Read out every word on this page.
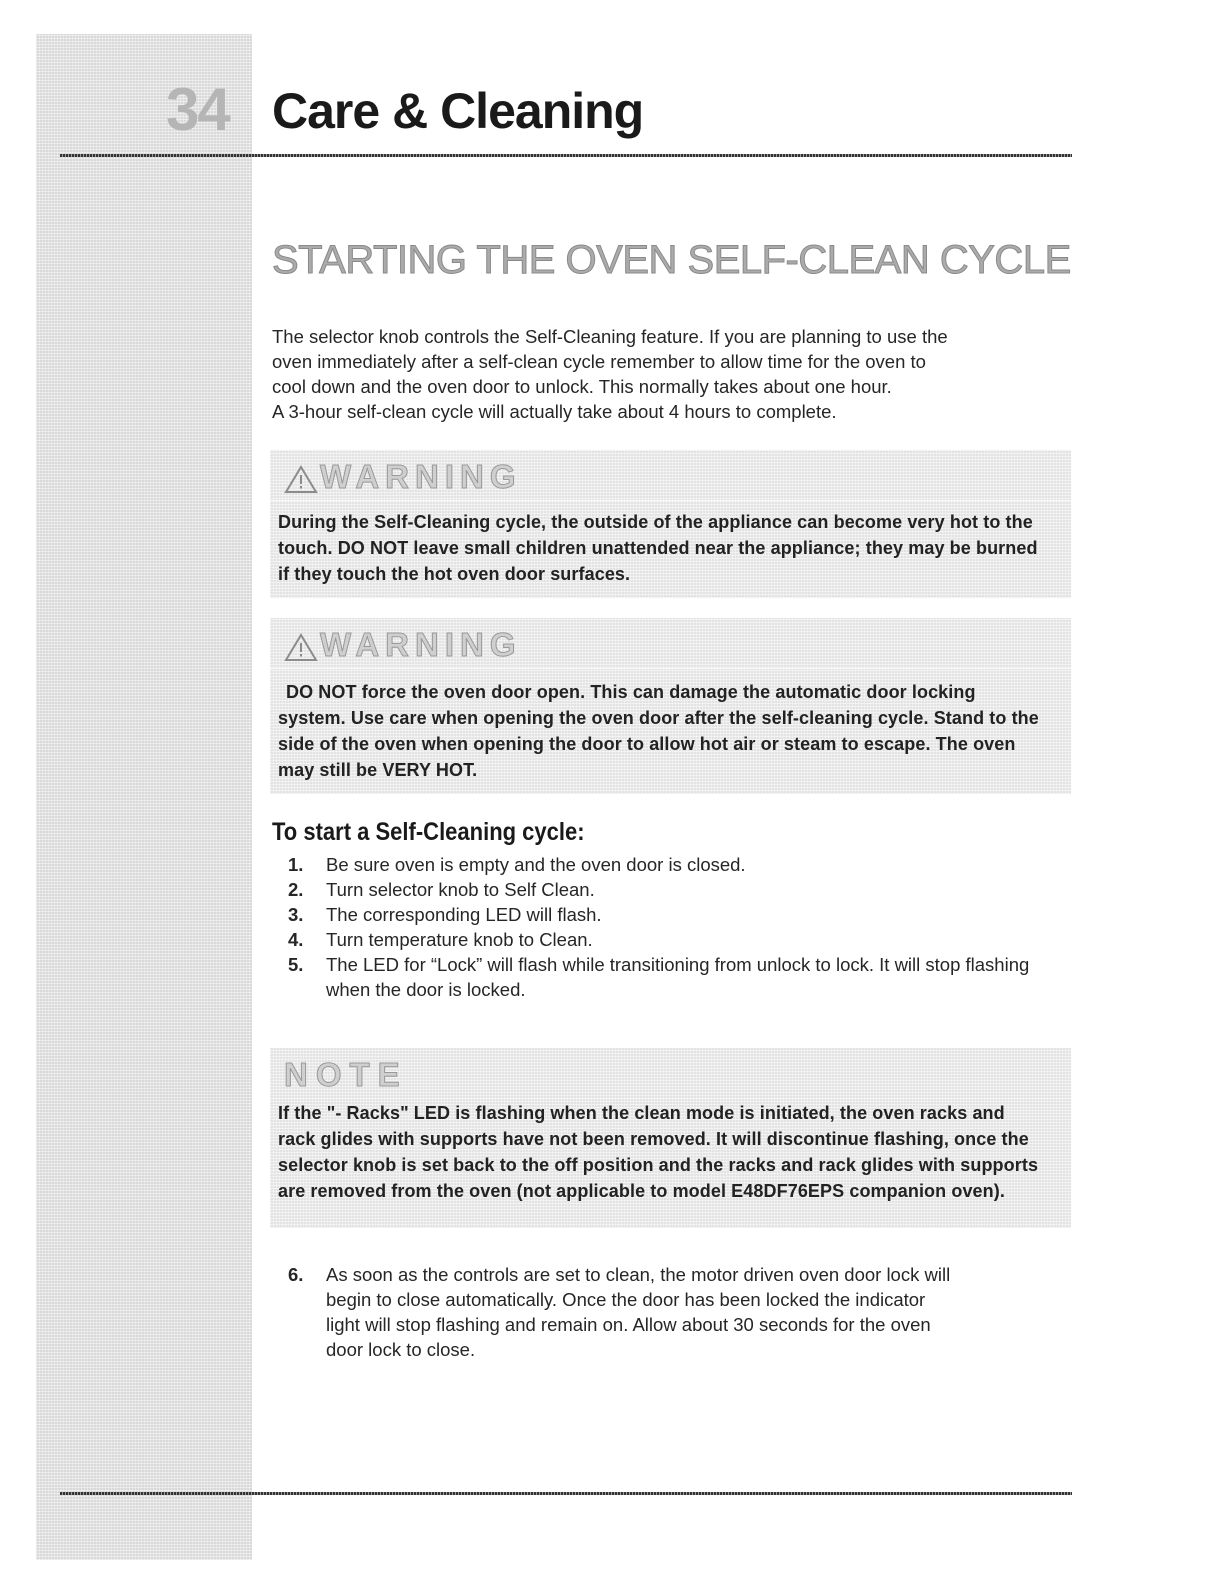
34 Care & Cleaning
STARTING THE OVEN SELF-CLEAN CYCLE
The selector knob controls the Self-Cleaning feature. If you are planning to use the
oven immediately after a self-clean cycle remember to allow time for the oven to
cool down and the oven door to unlock. This normally takes about one hour.
A 3-hour self-clean cycle will actually take about 4 hours to complete.
WARNING
During the Self-Cleaning cycle, the outside of the appliance can become very hot to the
touch. DO NOT leave small children unattended near the appliance; they may be burned
if they touch the hot oven door surfaces.
WARNING
DO NOT force the oven door open. This can damage the automatic door locking
system. Use care when opening the oven door after the self-cleaning cycle. Stand to the
side of the oven when opening the door to allow hot air or steam to escape. The oven
may still be VERY HOT.
To start a Self-Cleaning cycle:
1. Be sure oven is empty and the oven door is closed.
2. Turn selector knob to Self Clean.
3. The corresponding LED will flash.
4. Turn temperature knob to Clean.
5. The LED for “Lock” will flash while transitioning from unlock to lock. It will stop flashing when the door is locked.
NOTE
If the "- Racks" LED is flashing when the clean mode is initiated, the oven racks and
rack glides with supports have not been removed. It will discontinue flashing, once the
selector knob is set back to the off position and the racks and rack glides with supports
are removed from the oven (not applicable to model E48DF76EPS companion oven).
6. As soon as the controls are set to clean, the motor driven oven door lock will
begin to close automatically. Once the door has been locked the indicator
light will stop flashing and remain on. Allow about 30 seconds for the oven
door lock to close.
